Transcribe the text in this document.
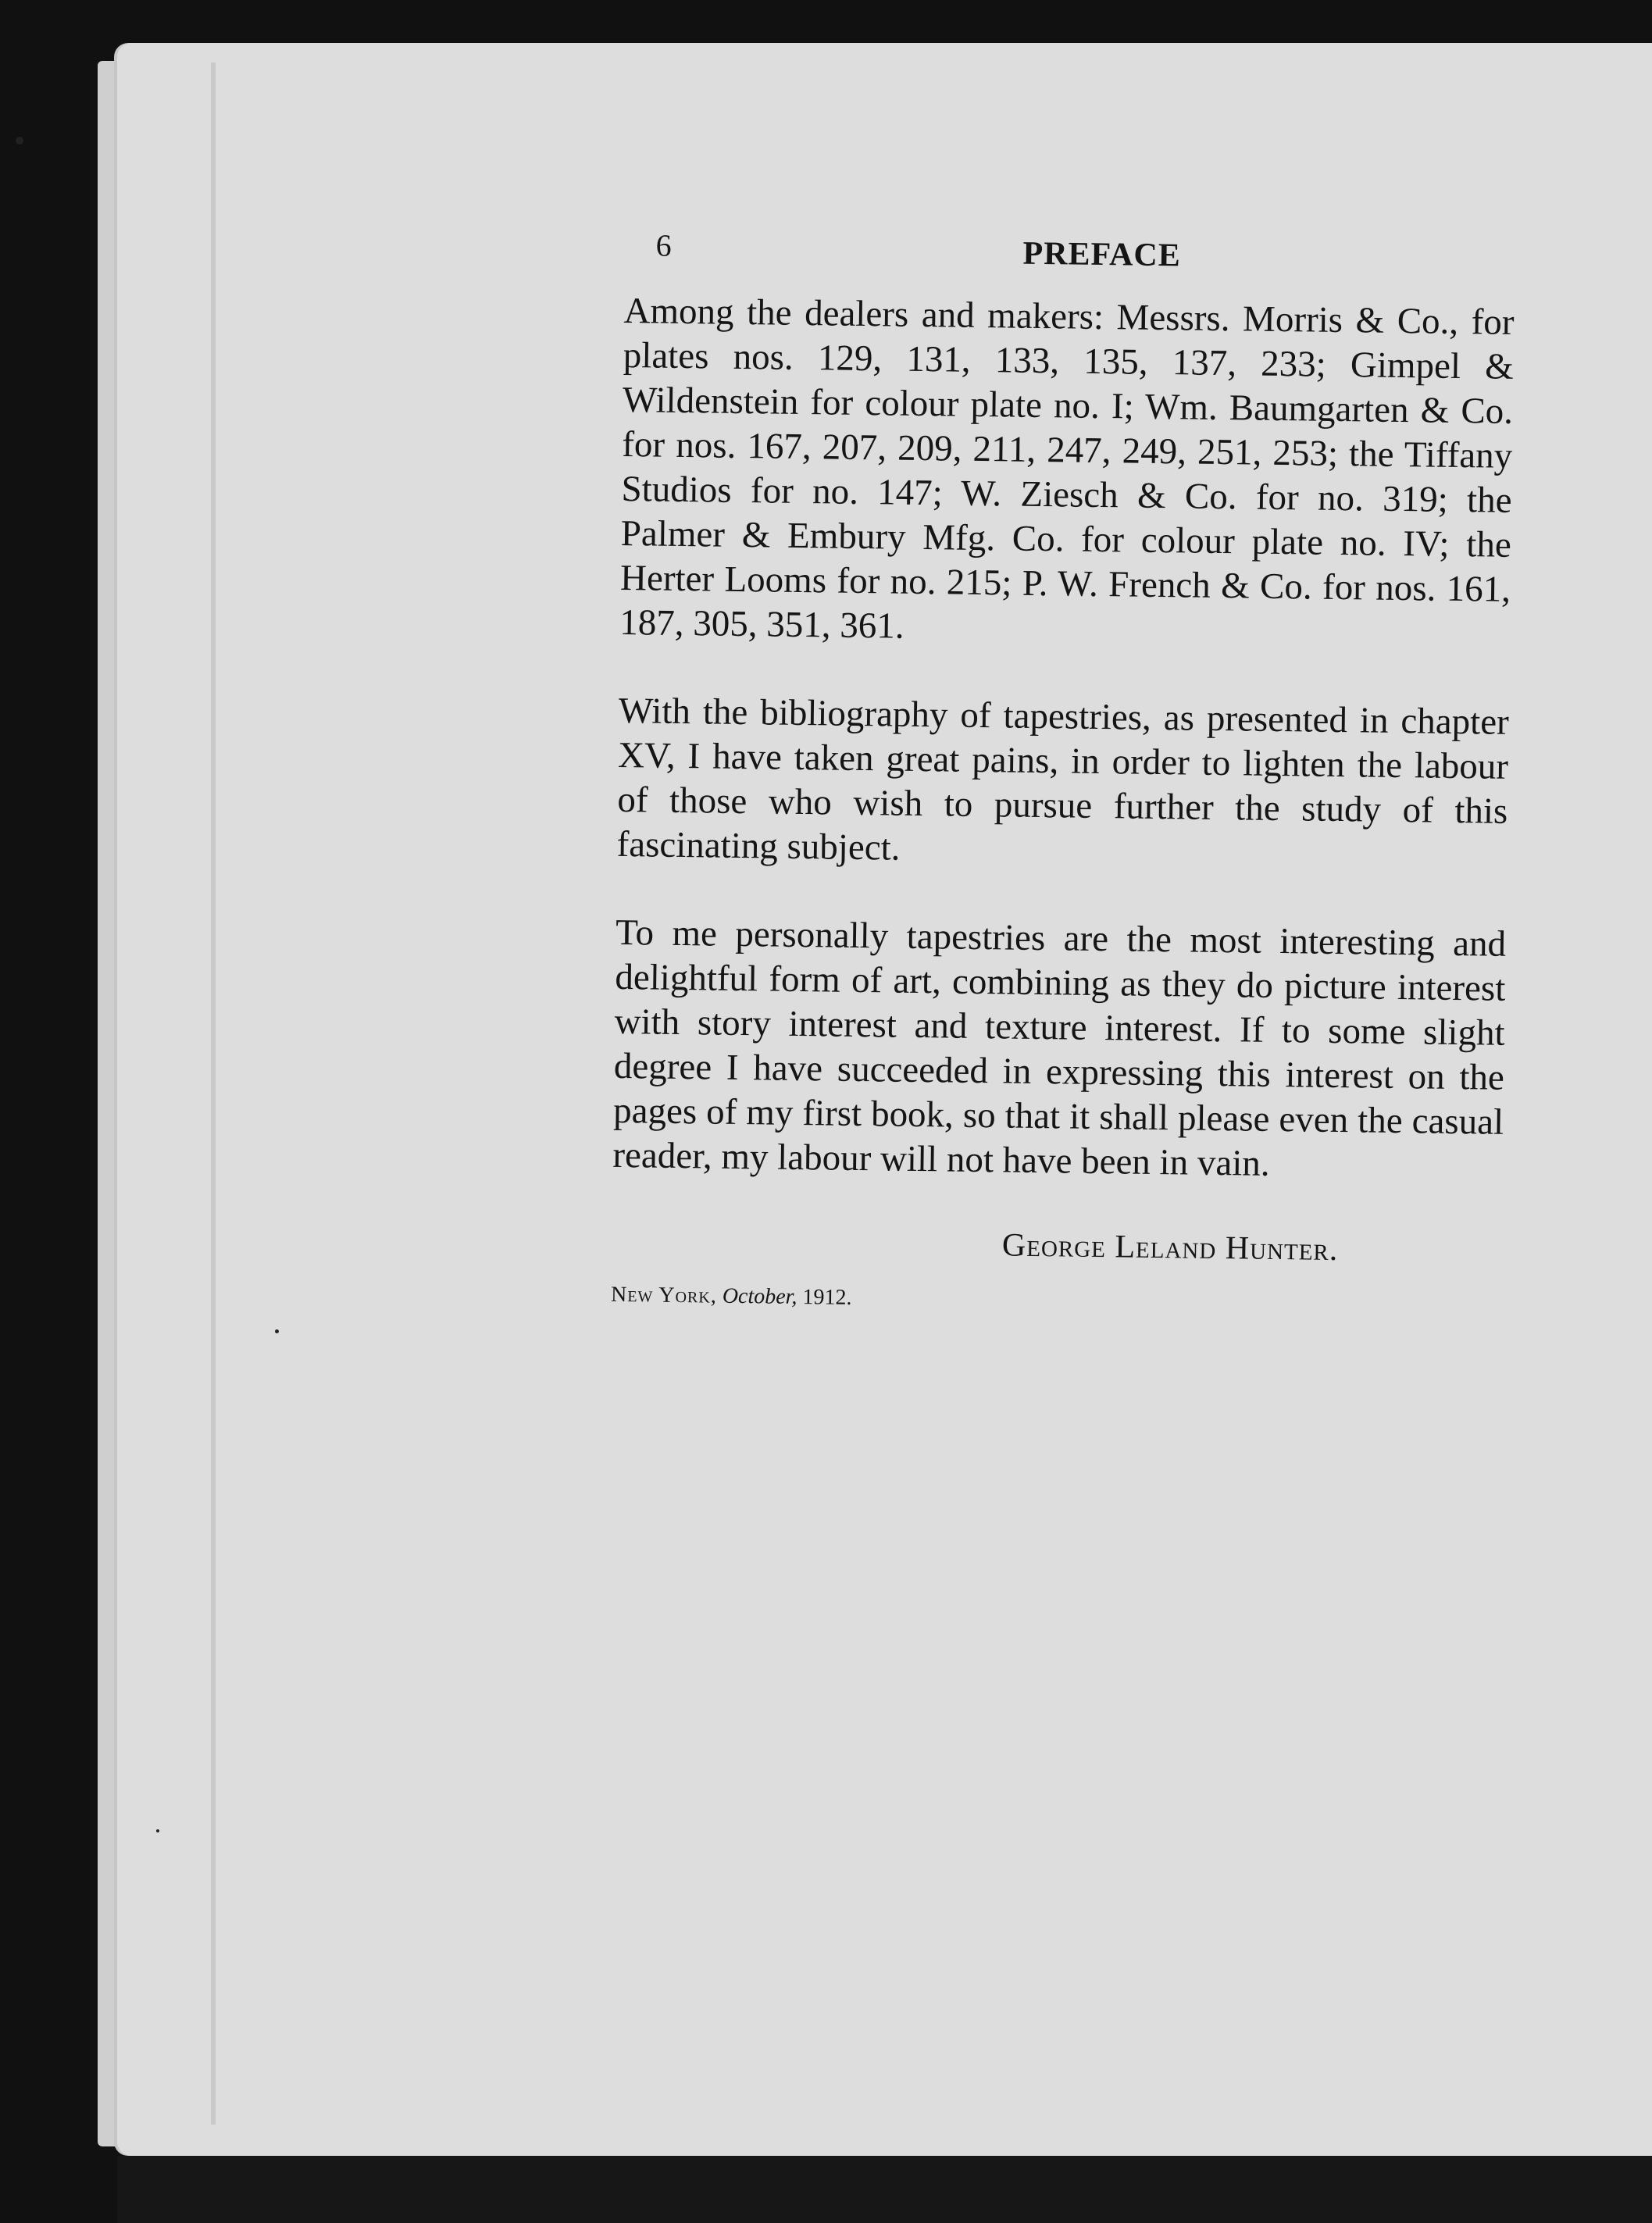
6	PREFACE

Among the dealers and makers: Messrs. Morris & Co., for plates nos. 129, 131, 133, 135, 137, 233; Gimpel & Wildenstein for colour plate no. I; Wm. Baumgarten & Co. for nos. 167, 207, 209, 211, 247, 249, 251, 253; the Tiffany Studios for no. 147; W. Ziesch & Co. for no. 319; the Palmer & Embury Mfg. Co. for colour plate no. IV; the Herter Looms for no. 215; P. W. French & Co. for nos. 161, 187, 305, 351, 361.

With the bibliography of tapestries, as presented in chapter XV, I have taken great pains, in order to lighten the labour of those who wish to pursue further the study of this fascinating subject.

To me personally tapestries are the most interesting and delightful form of art, combining as they do picture interest with story interest and texture interest. If to some slight degree I have succeeded in expressing this interest on the pages of my first book, so that it shall please even the casual reader, my labour will not have been in vain.

George Leland Hunter.
New York, October, 1912.
